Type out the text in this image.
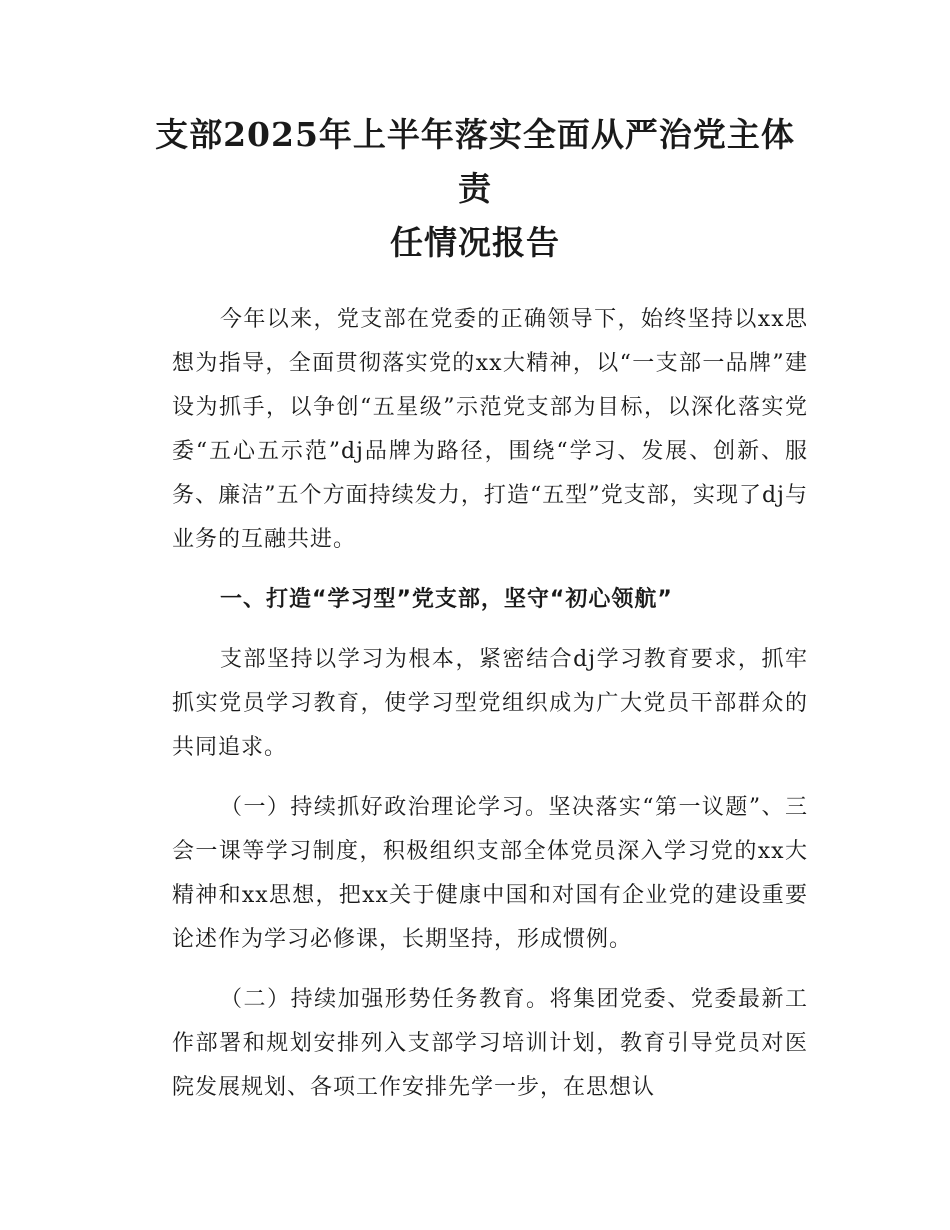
支部2025年上半年落实全面从严治党主体责
任情况报告

今年以来，党支部在党委的正确领导下，始终坚持以xx思想为指导，全面贯彻落实党的xx大精神，以“一支部一品牌”建设为抓手，以争创“五星级”示范党支部为目标，以深化落实党委“五心五示范”dj品牌为路径，围绕“学习、发展、创新、服务、廉洁”五个方面持续发力，打造“五型”党支部，实现了dj与业务的互融共进。

一、打造“学习型”党支部，坚守“初心领航”

支部坚持以学习为根本，紧密结合dj学习教育要求，抓牢抓实党员学习教育，使学习型党组织成为广大党员干部群众的共同追求。

（一）持续抓好政治理论学习。坚决落实“第一议题”、三会一课等学习制度，积极组织支部全体党员深入学习党的xx大精神和xx思想，把xx关于健康中国和对国有企业党的建设重要论述作为学习必修课，长期坚持，形成惯例。

（二）持续加强形势任务教育。将集团党委、党委最新工作部署和规划安排列入支部学习培训计划，教育引导党员对医院发展规划、各项工作安排先学一步，在思想认
